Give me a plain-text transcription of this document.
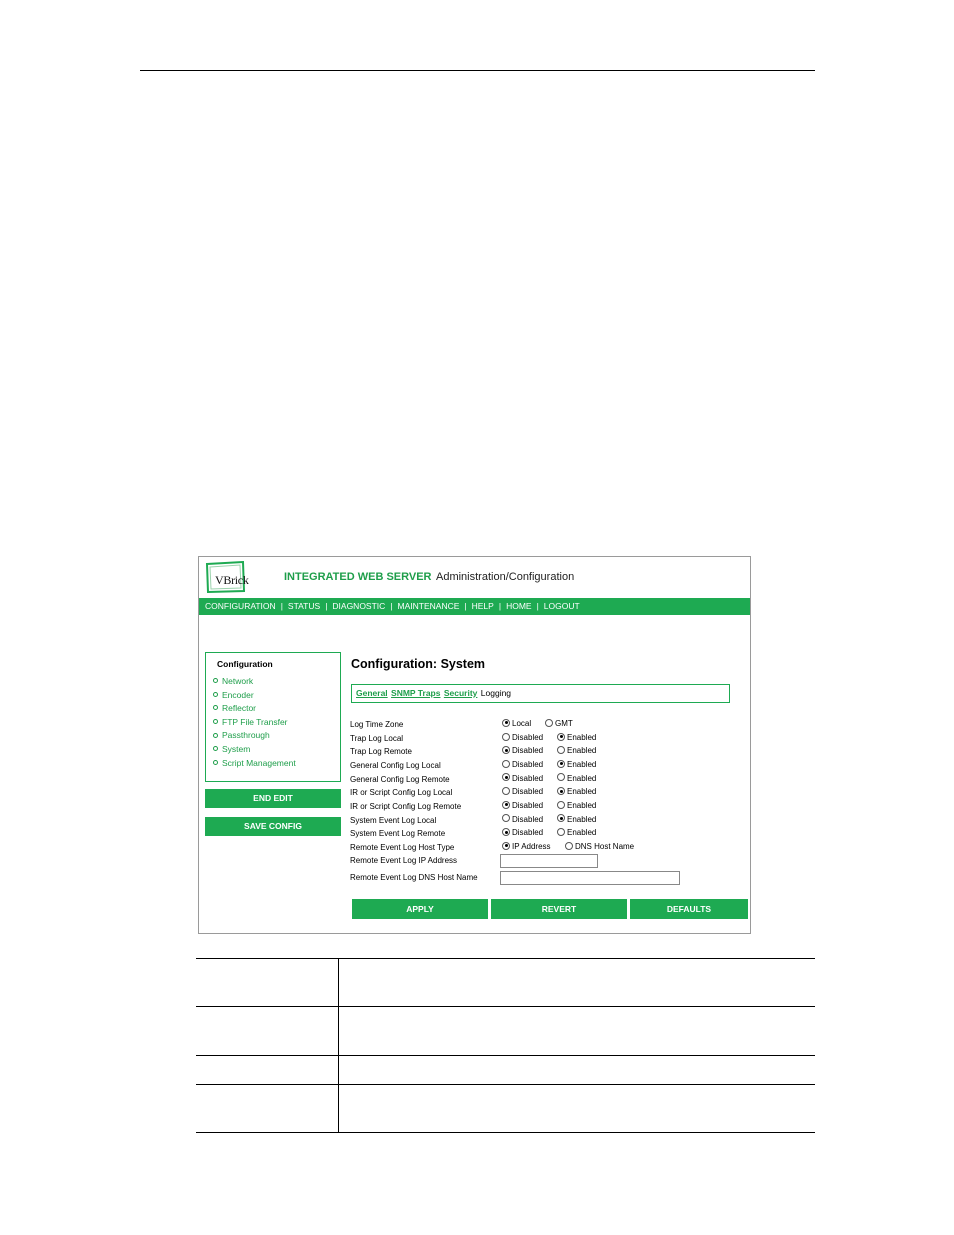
VBrick	INTEGRATED WEB SERVER Administration/Configuration
CONFIGURATION | STATUS | DIAGNOSTIC | MAINTENANCE | HELP | HOME | LOGOUT
Configuration
Network
Encoder
Reflector
FTP File Transfer
Passthrough
System
Script Management
END EDIT
SAVE CONFIG
Configuration: System
General SNMP Traps Security Logging
Log Time Zone	Local	GMT
Trap Log Local	Disabled	Enabled
Trap Log Remote	Disabled	Enabled
General Config Log Local	Disabled	Enabled
General Config Log Remote	Disabled	Enabled
IR or Script Config Log Local	Disabled	Enabled
IR or Script Config Log Remote	Disabled	Enabled
System Event Log Local	Disabled	Enabled
System Event Log Remote	Disabled	Enabled
Remote Event Log Host Type	IP Address	DNS Host Name
Remote Event Log IP Address
Remote Event Log DNS Host Name
APPLY	REVERT	DEFAULTS
